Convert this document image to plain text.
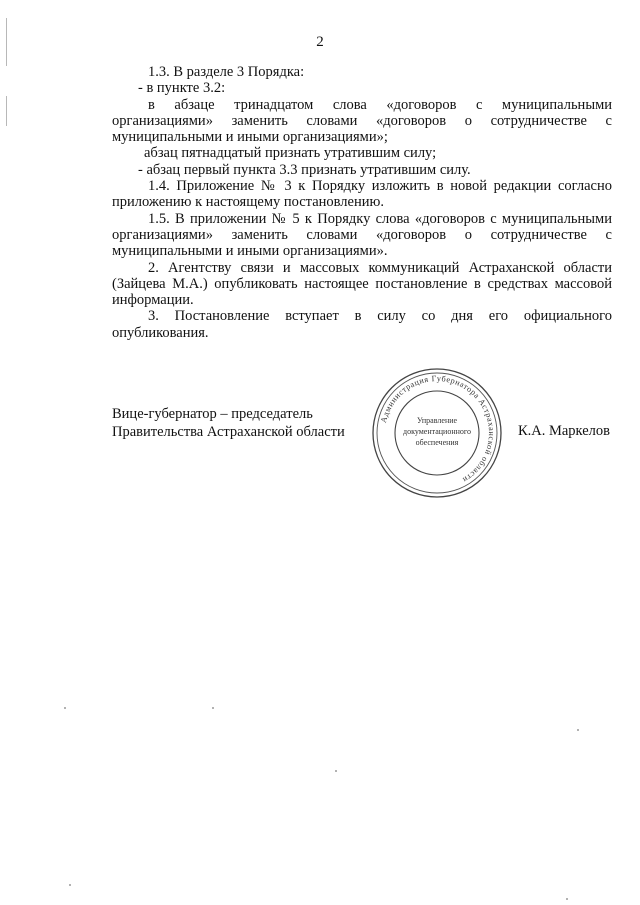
2

1.3. В разделе 3 Порядка:

- в пункте 3.2:

в абзаце тринадцатом слова «договоров с муниципальными организациями» заменить словами «договоров о сотрудничестве с муниципальными и иными организациями»;

абзац пятнадцатый признать утратившим силу;

- абзац первый пункта 3.3 признать утратившим силу.

1.4. Приложение № 3 к Порядку изложить в новой редакции согласно приложению к настоящему постановлению.

1.5. В приложении № 5 к Порядку слова «договоров с муниципальными организациями» заменить словами «договоров о сотрудничестве с муниципальными и иными организациями».

2. Агентству связи и массовых коммуникаций Астраханской области (Зайцева М.А.) опубликовать настоящее постановление в средствах массовой информации.

3. Постановление вступает в силу со дня его официального опубликования.

Вице-губернатор – председатель
Правительства Астраханской области	К.А. Маркелов
Администрация Губернатора Астраханской области
Управление
документационного
обеспечения
